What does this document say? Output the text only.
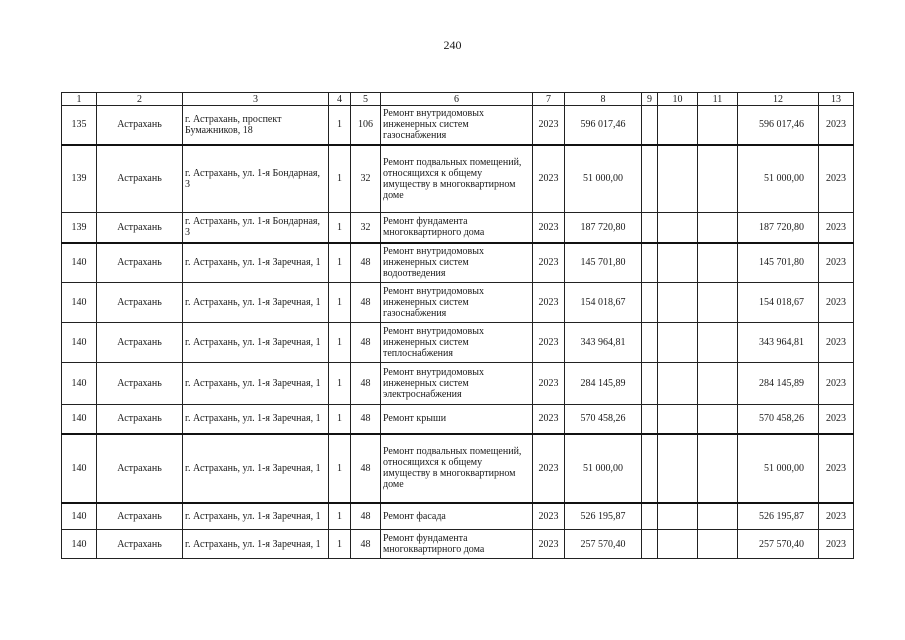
240
1	2	3	4	5	6	7	8	9	10	11	12	13
135	Астрахань	г. Астрахань, проспект Бумажников, 18	1	106	Ремонт внутридомовых инженерных систем газоснабжения	2023	596 017,46				596 017,46	2023
139	Астрахань	г. Астрахань, ул. 1-я Бондарная, 3	1	32	Ремонт подвальных помещений, относящихся к общему имуществу в многоквартирном доме	2023	51 000,00				51 000,00	2023
139	Астрахань	г. Астрахань, ул. 1-я Бондарная, 3	1	32	Ремонт фундамента многоквартирного дома	2023	187 720,80				187 720,80	2023
140	Астрахань	г. Астрахань, ул. 1-я Заречная, 1	1	48	Ремонт внутридомовых инженерных систем водоотведения	2023	145 701,80				145 701,80	2023
140	Астрахань	г. Астрахань, ул. 1-я Заречная, 1	1	48	Ремонт внутридомовых инженерных систем газоснабжения	2023	154 018,67				154 018,67	2023
140	Астрахань	г. Астрахань, ул. 1-я Заречная, 1	1	48	Ремонт внутридомовых инженерных систем теплоснабжения	2023	343 964,81				343 964,81	2023
140	Астрахань	г. Астрахань, ул. 1-я Заречная, 1	1	48	Ремонт внутридомовых инженерных систем электроснабжения	2023	284 145,89				284 145,89	2023
140	Астрахань	г. Астрахань, ул. 1-я Заречная, 1	1	48	Ремонт крыши	2023	570 458,26				570 458,26	2023
140	Астрахань	г. Астрахань, ул. 1-я Заречная, 1	1	48	Ремонт подвальных помещений, относящихся к общему имуществу в многоквартирном доме	2023	51 000,00				51 000,00	2023
140	Астрахань	г. Астрахань, ул. 1-я Заречная, 1	1	48	Ремонт фасада	2023	526 195,87				526 195,87	2023
140	Астрахань	г. Астрахань, ул. 1-я Заречная, 1	1	48	Ремонт фундамента многоквартирного дома	2023	257 570,40				257 570,40	2023
